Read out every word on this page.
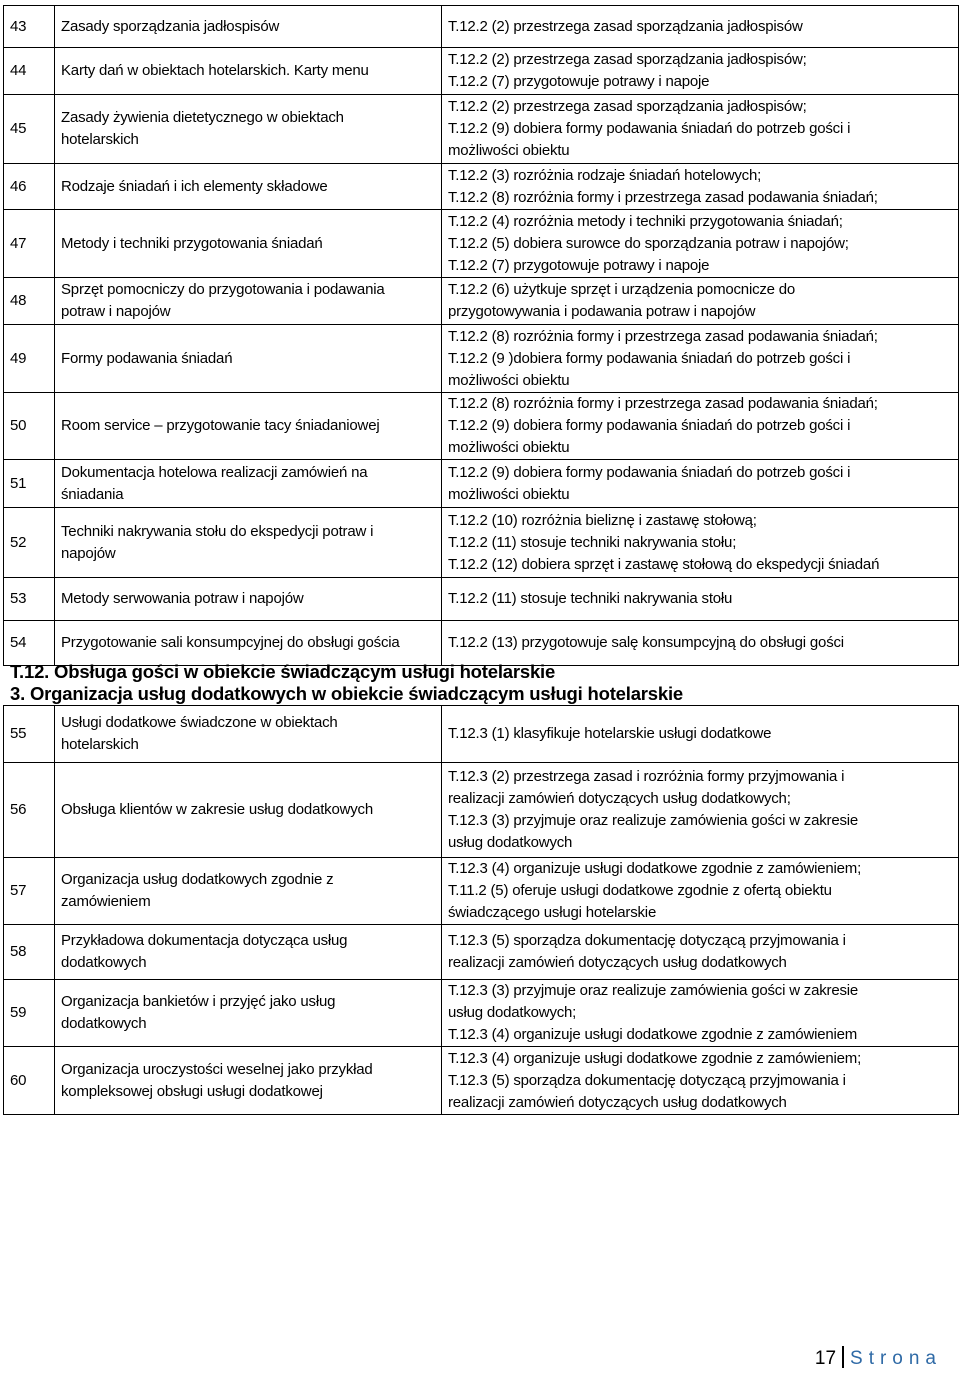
43	Zasady sporządzania jadłospisów	T.12.2 (2) przestrzega zasad sporządzania jadłospisów

44	Karty dań w obiektach hotelarskich. Karty menu	T.12.2 (2) przestrzega zasad sporządzania jadłospisów;
T.12.2 (7) przygotowuje potrawy i napoje

45	Zasady żywienia dietetycznego w obiektach
hotelarskich	T.12.2 (2) przestrzega zasad sporządzania jadłospisów;
T.12.2 (9) dobiera formy podawania śniadań do potrzeb gości i
możliwości obiektu

46	Rodzaje śniadań i ich elementy składowe	T.12.2 (3) rozróżnia rodzaje śniadań hotelowych;
T.12.2 (8) rozróżnia formy i przestrzega zasad podawania śniadań;

47	Metody i techniki przygotowania śniadań	T.12.2 (4) rozróżnia metody i techniki przygotowania śniadań;
T.12.2 (5) dobiera surowce do sporządzania potraw i napojów;
T.12.2 (7) przygotowuje potrawy i napoje

48	Sprzęt pomocniczy do przygotowania i podawania
potraw i napojów	T.12.2 (6) użytkuje sprzęt i urządzenia pomocnicze do
przygotowywania i podawania potraw i napojów

49	Formy podawania śniadań	T.12.2 (8) rozróżnia formy i przestrzega zasad podawania śniadań;
T.12.2 (9 )dobiera formy podawania śniadań do potrzeb gości i
możliwości obiektu

50	Room service – przygotowanie tacy śniadaniowej	T.12.2 (8) rozróżnia formy i przestrzega zasad podawania śniadań;
T.12.2 (9) dobiera formy podawania śniadań do potrzeb gości i
możliwości obiektu

51	Dokumentacja hotelowa realizacji zamówień na
śniadania	T.12.2 (9) dobiera formy podawania śniadań do potrzeb gości i
możliwości obiektu

52	Techniki nakrywania stołu do ekspedycji potraw i
napojów	T.12.2 (10) rozróżnia bieliznę i zastawę stołową;
T.12.2 (11) stosuje techniki nakrywania stołu;
T.12.2 (12) dobiera sprzęt i zastawę stołową do ekspedycji śniadań

53	Metody serwowania potraw i napojów	T.12.2 (11) stosuje techniki nakrywania stołu

54	Przygotowanie sali konsumpcyjnej do obsługi gościa	T.12.2 (13) przygotowuje salę konsumpcyjną do obsługi gości
T.12. Obsługa gości w obiekcie świadczącym usługi hotelarskie
3. Organizacja usług dodatkowych w obiekcie świadczącym usługi hotelarskie
55	Usługi dodatkowe świadczone w obiektach
hotelarskich	T.12.3 (1) klasyfikuje hotelarskie usługi dodatkowe

56	Obsługa klientów w zakresie usług dodatkowych	T.12.3 (2) przestrzega zasad i rozróżnia formy przyjmowania i
realizacji zamówień dotyczących usług dodatkowych;
T.12.3 (3) przyjmuje oraz realizuje zamówienia gości w zakresie
usług dodatkowych

57	Organizacja usług dodatkowych zgodnie z
zamówieniem	T.12.3 (4) organizuje usługi dodatkowe zgodnie z zamówieniem;
T.11.2 (5) oferuje usługi dodatkowe zgodnie z ofertą obiektu
świadczącego usługi hotelarskie

58	Przykładowa dokumentacja dotycząca usług
dodatkowych	T.12.3 (5) sporządza dokumentację dotyczącą przyjmowania i
realizacji zamówień dotyczących usług dodatkowych

59	Organizacja bankietów i przyjęć jako usług
dodatkowych	T.12.3 (3) przyjmuje oraz realizuje zamówienia gości w zakresie
usług dodatkowych;
T.12.3 (4) organizuje usługi dodatkowe zgodnie z zamówieniem

60	Organizacja uroczystości weselnej jako przykład
kompleksowej obsługi usługi dodatkowej	T.12.3 (4) organizuje usługi dodatkowe zgodnie z zamówieniem;
T.12.3 (5) sporządza dokumentację dotyczącą przyjmowania i
realizacji zamówień dotyczących usług dodatkowych
17 Strona
